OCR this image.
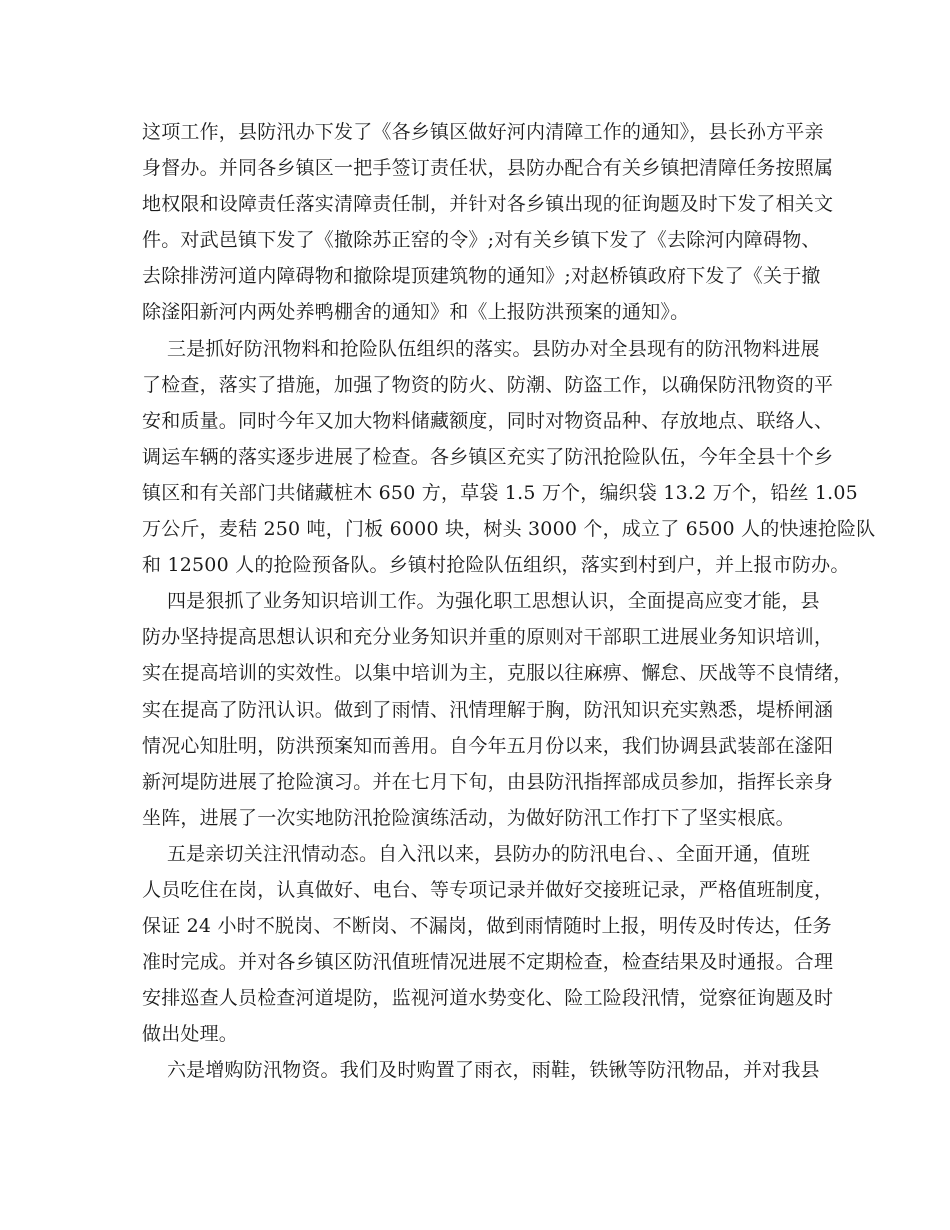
这项工作，县防汛办下发了《各乡镇区做好河内清障工作的通知》，县长孙方平亲
身督办。并同各乡镇区一把手签订责任状，县防办配合有关乡镇把清障任务按照属
地权限和设障责任落实清障责任制，并针对各乡镇出现的征询题及时下发了相关文
件。对武邑镇下发了《撤除苏正窑的令》;对有关乡镇下发了《去除河内障碍物、
去除排涝河道内障碍物和撤除堤顶建筑物的通知》;对赵桥镇政府下发了《关于撤
除滏阳新河内两处养鸭棚舍的通知》和《上报防洪预案的通知》。
三是抓好防汛物料和抢险队伍组织的落实。县防办对全县现有的防汛物料进展
了检查，落实了措施，加强了物资的防火、防潮、防盗工作，以确保防汛物资的平
安和质量。同时今年又加大物料储藏额度，同时对物资品种、存放地点、联络人、
调运车辆的落实逐步进展了检查。各乡镇区充实了防汛抢险队伍，今年全县十个乡
镇区和有关部门共储藏桩木 650 方，草袋 1.5 万个，编织袋 13.2 万个，铅丝 1.05
万公斤，麦秸 250 吨，门板 6000 块，树头 3000 个，成立了 6500 人的快速抢险队
和 12500 人的抢险预备队。乡镇村抢险队伍组织，落实到村到户，并上报市防办。
四是狠抓了业务知识培训工作。为强化职工思想认识，全面提高应变才能，县
防办坚持提高思想认识和充分业务知识并重的原则对干部职工进展业务知识培训，
实在提高培训的实效性。以集中培训为主，克服以往麻痹、懈怠、厌战等不良情绪，
实在提高了防汛认识。做到了雨情、汛情理解于胸，防汛知识充实熟悉，堤桥闸涵
情况心知肚明，防洪预案知而善用。自今年五月份以来，我们协调县武装部在滏阳
新河堤防进展了抢险演习。并在七月下旬，由县防汛指挥部成员参加，指挥长亲身
坐阵，进展了一次实地防汛抢险演练活动，为做好防汛工作打下了坚实根底。
五是亲切关注汛情动态。自入汛以来，县防办的防汛电台、、全面开通，值班
人员吃住在岗，认真做好、电台、等专项记录并做好交接班记录，严格值班制度，
保证 24 小时不脱岗、不断岗、不漏岗，做到雨情随时上报，明传及时传达，任务
准时完成。并对各乡镇区防汛值班情况进展不定期检查，检查结果及时通报。合理
安排巡查人员检查河道堤防，监视河道水势变化、险工险段汛情，觉察征询题及时
做出处理。
六是增购防汛物资。我们及时购置了雨衣，雨鞋，铁锹等防汛物品，并对我县
